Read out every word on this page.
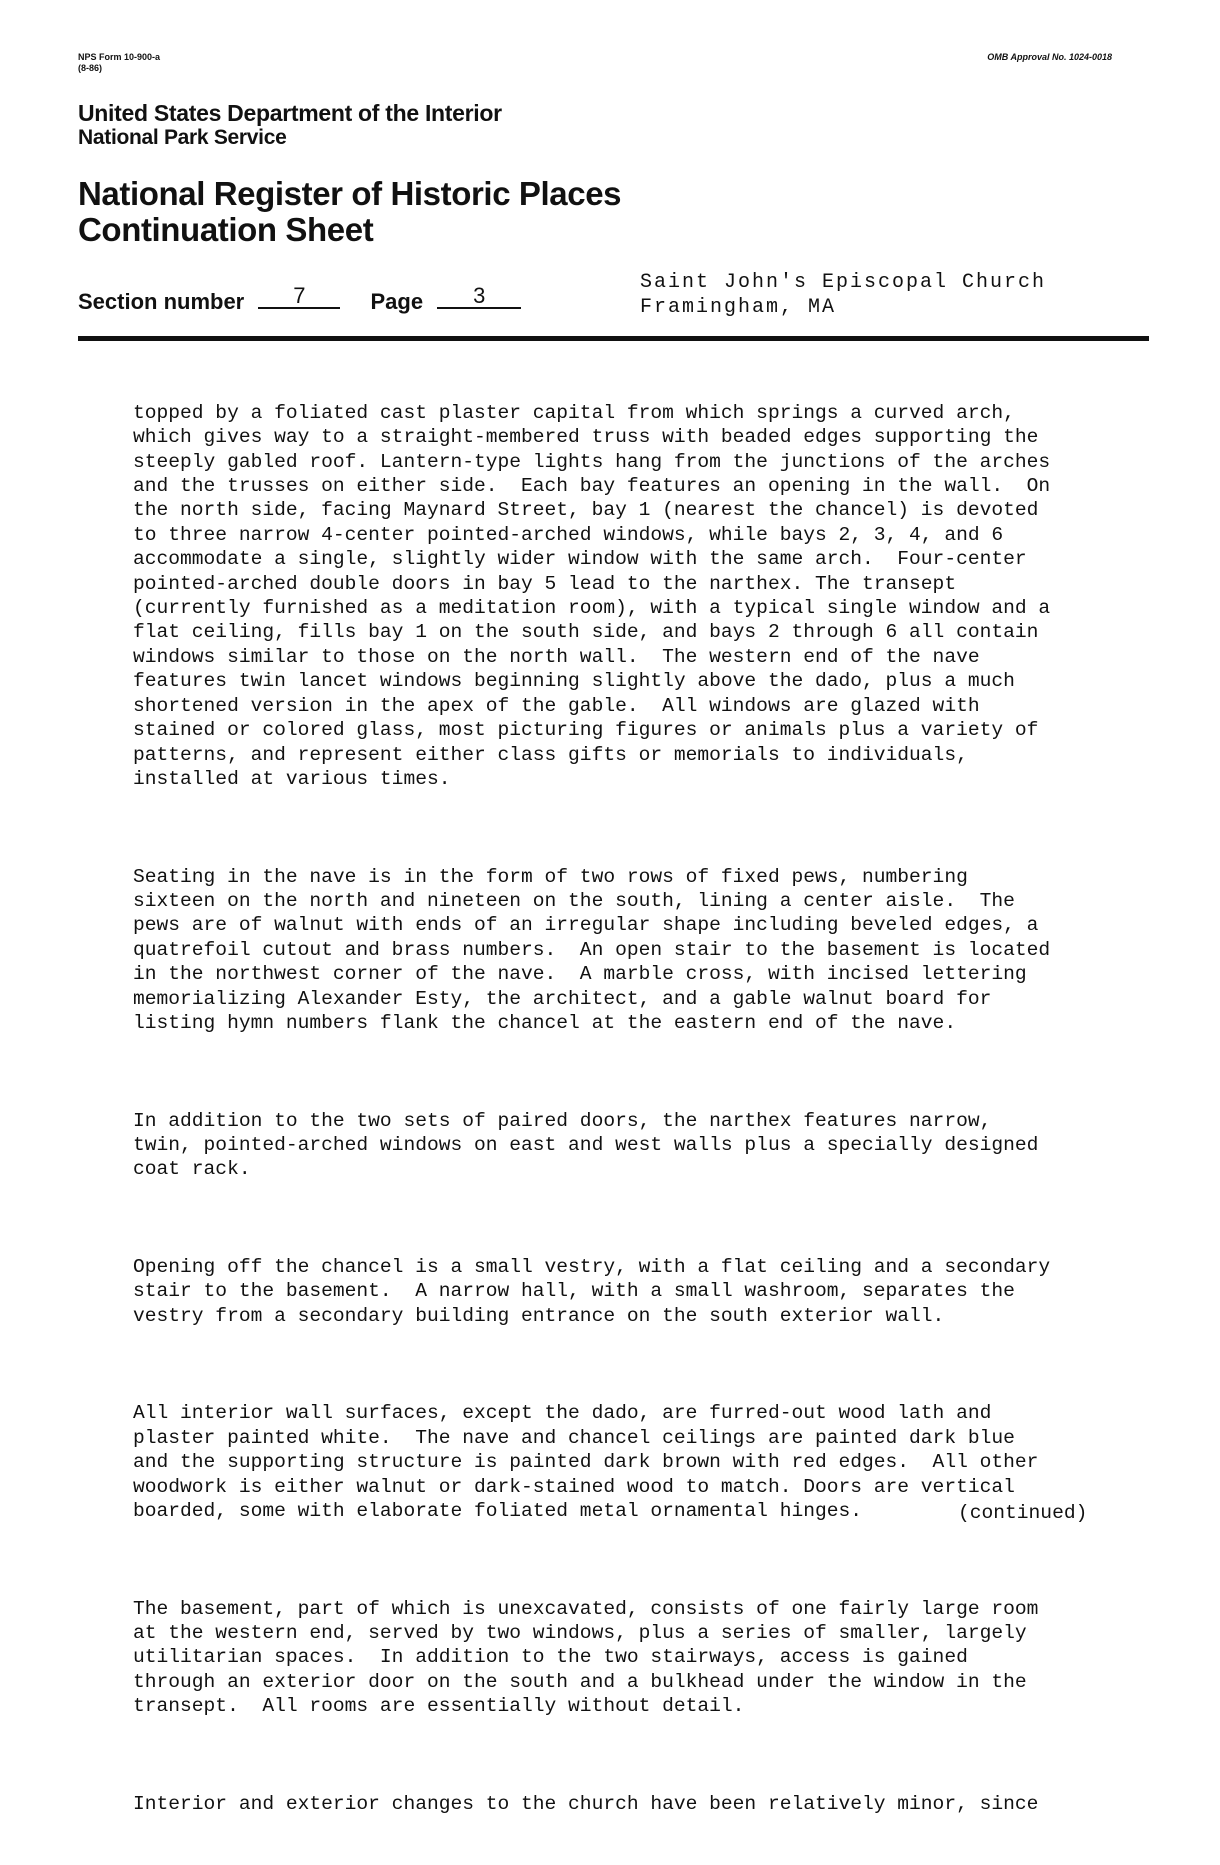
NPS Form 10-900-a
(8-86)
OMB Approval No. 1024-0018
United States Department of the Interior
National Park Service
National Register of Historic Places
Continuation Sheet
Section number 7	Page 3
Saint John's Episcopal Church
Framingham, MA

topped by a foliated cast plaster capital from which springs a curved arch,
which gives way to a straight-membered truss with beaded edges supporting the
steeply gabled roof. Lantern-type lights hang from the junctions of the arches
and the trusses on either side.  Each bay features an opening in the wall.  On
the north side, facing Maynard Street, bay 1 (nearest the chancel) is devoted
to three narrow 4-center pointed-arched windows, while bays 2, 3, 4, and 6
accommodate a single, slightly wider window with the same arch.  Four-center
pointed-arched double doors in bay 5 lead to the narthex. The transept
(currently furnished as a meditation room), with a typical single window and a
flat ceiling, fills bay 1 on the south side, and bays 2 through 6 all contain
windows similar to those on the north wall.  The western end of the nave
features twin lancet windows beginning slightly above the dado, plus a much
shortened version in the apex of the gable.  All windows are glazed with
stained or colored glass, most picturing figures or animals plus a variety of
patterns, and represent either class gifts or memorials to individuals,
installed at various times.

Seating in the nave is in the form of two rows of fixed pews, numbering
sixteen on the north and nineteen on the south, lining a center aisle.  The
pews are of walnut with ends of an irregular shape including beveled edges, a
quatrefoil cutout and brass numbers.  An open stair to the basement is located
in the northwest corner of the nave.  A marble cross, with incised lettering
memorializing Alexander Esty, the architect, and a gable walnut board for
listing hymn numbers flank the chancel at the eastern end of the nave.

In addition to the two sets of paired doors, the narthex features narrow,
twin, pointed-arched windows on east and west walls plus a specially designed
coat rack.

Opening off the chancel is a small vestry, with a flat ceiling and a secondary
stair to the basement.  A narrow hall, with a small washroom, separates the
vestry from a secondary building entrance on the south exterior wall.

All interior wall surfaces, except the dado, are furred-out wood lath and
plaster painted white.  The nave and chancel ceilings are painted dark blue
and the supporting structure is painted dark brown with red edges.  All other
woodwork is either walnut or dark-stained wood to match. Doors are vertical
boarded, some with elaborate foliated metal ornamental hinges.

The basement, part of which is unexcavated, consists of one fairly large room
at the western end, served by two windows, plus a series of smaller, largely
utilitarian spaces.  In addition to the two stairways, access is gained
through an exterior door on the south and a bulkhead under the window in the
transept.  All rooms are essentially without detail.

Interior and exterior changes to the church have been relatively minor, since

(continued)
